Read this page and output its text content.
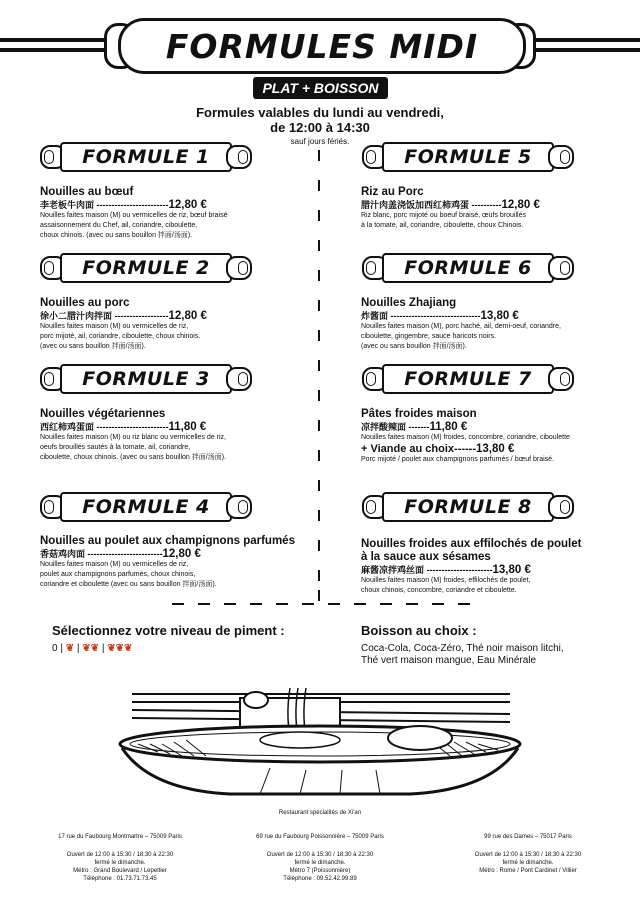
FORMULES MIDI
PLAT + BOISSON
Formules valables du lundi au vendredi,
de 12:00 à 14:30
sauf jours fériés.
FORMULE 1
FORMULE 2
FORMULE 3
FORMULE 4
FORMULE 5
FORMULE 6
FORMULE 7
FORMULE 8
Nouilles au bœuf
李老板牛肉面 ------------------------12,80 €
Nouilles faites maison (M) ou vermicelles de riz, bœuf braisé
assaisonnement du Chef, ail, coriandre, ciboulette,
choux chinois. (avec ou sans bouillon 拌面/汤面).
Nouilles au porc
徐小二腊汁肉拌面 ------------------12,80 €
Nouilles faites maison (M) ou vermicelles de riz,
porc mijoté, ail, coriandre, ciboulette, choux chinois.
(avec ou sans bouillon 拌面/汤面).
Nouilles végétariennes
西红柿鸡蛋面 ------------------------11,80 €
Nouilles faites maison (M) ou riz blanc ou vermicelles de riz,
oeufs brouillés sautés à la tomate, ail, coriandre,
ciboulette, choux chinois. (avec ou sans bouillon 拌面/汤面).
Nouilles au poulet aux champignons parfumés
香菇鸡肉面 -------------------------12,80 €
Nouilles faites maison (M) ou vermicelles de riz,
poulet aux champignons parfumés, choux chinois,
coriandre et ciboulette (avec ou sans bouillon 拌面/汤面).
Riz au Porc
腊汁肉盖浇饭加西红柿鸡蛋 ----------12,80 €
Riz blanc, porc mijoté ou boeuf braisé, œufs brouillés
à la tomate, ail, coriandre, ciboulette, choux Chinois.
Nouilles Zhajiang
炸酱面 ------------------------------13,80 €
Nouilles faites maison (M), porc haché, ail, demi-oeuf, coriandre,
ciboulette, gingembre, sauce haricots noirs.
(avec ou sans bouillon 拌面/汤面).
Pâtes froides maison
凉拌酸辣面 -------11,80 €
Nouilles faites maison (M) froides, concombre, coriandre, ciboulette
+ Viande au choix------13,80 €
Porc mijoté / poulet aux champignons parfumés / bœuf braisé.
Nouilles froides aux effilochés de poulet
à la sauce aux sésames
麻酱凉拌鸡丝面 ----------------------13,80 €
Nouilles faites maison (M) froides, effilochés de poulet,
choux chinois, concombre, coriandre et ciboulette.
Sélectionnez votre niveau de piment :
0 | ❦ | ❦❦ | ❦❦❦
Boisson au choix :
Coca-Cola, Coca-Zéro, Thé noir maison litchi,
Thé vert maison mangue, Eau Minérale
Restaurant spécialités de Xi'an

17 rue du Faubourg Montmartre – 75009 Paris

Ouvert de 12:00 à 15:30 / 18:30 à 22:30

fermé le dimanche.

Métro : Grand Boulevard / Lepeltier

Téléphone : 01.73.71.73.45

69 rue du Faubourg Poissonnière – 75009 Paris

Ouvert de 12:00 à 15:30 / 18:30 à 22:30

fermé le dimanche.

Métro 7 (Poissonnière)

Téléphone : 09.52.42.99.89

99 rue des Dames – 75017 Paris

Ouvert de 12:00 à 15:30 / 18:30 à 22:30

fermé le dimanche.

Métro : Rome / Pont Cardinet / Villier
